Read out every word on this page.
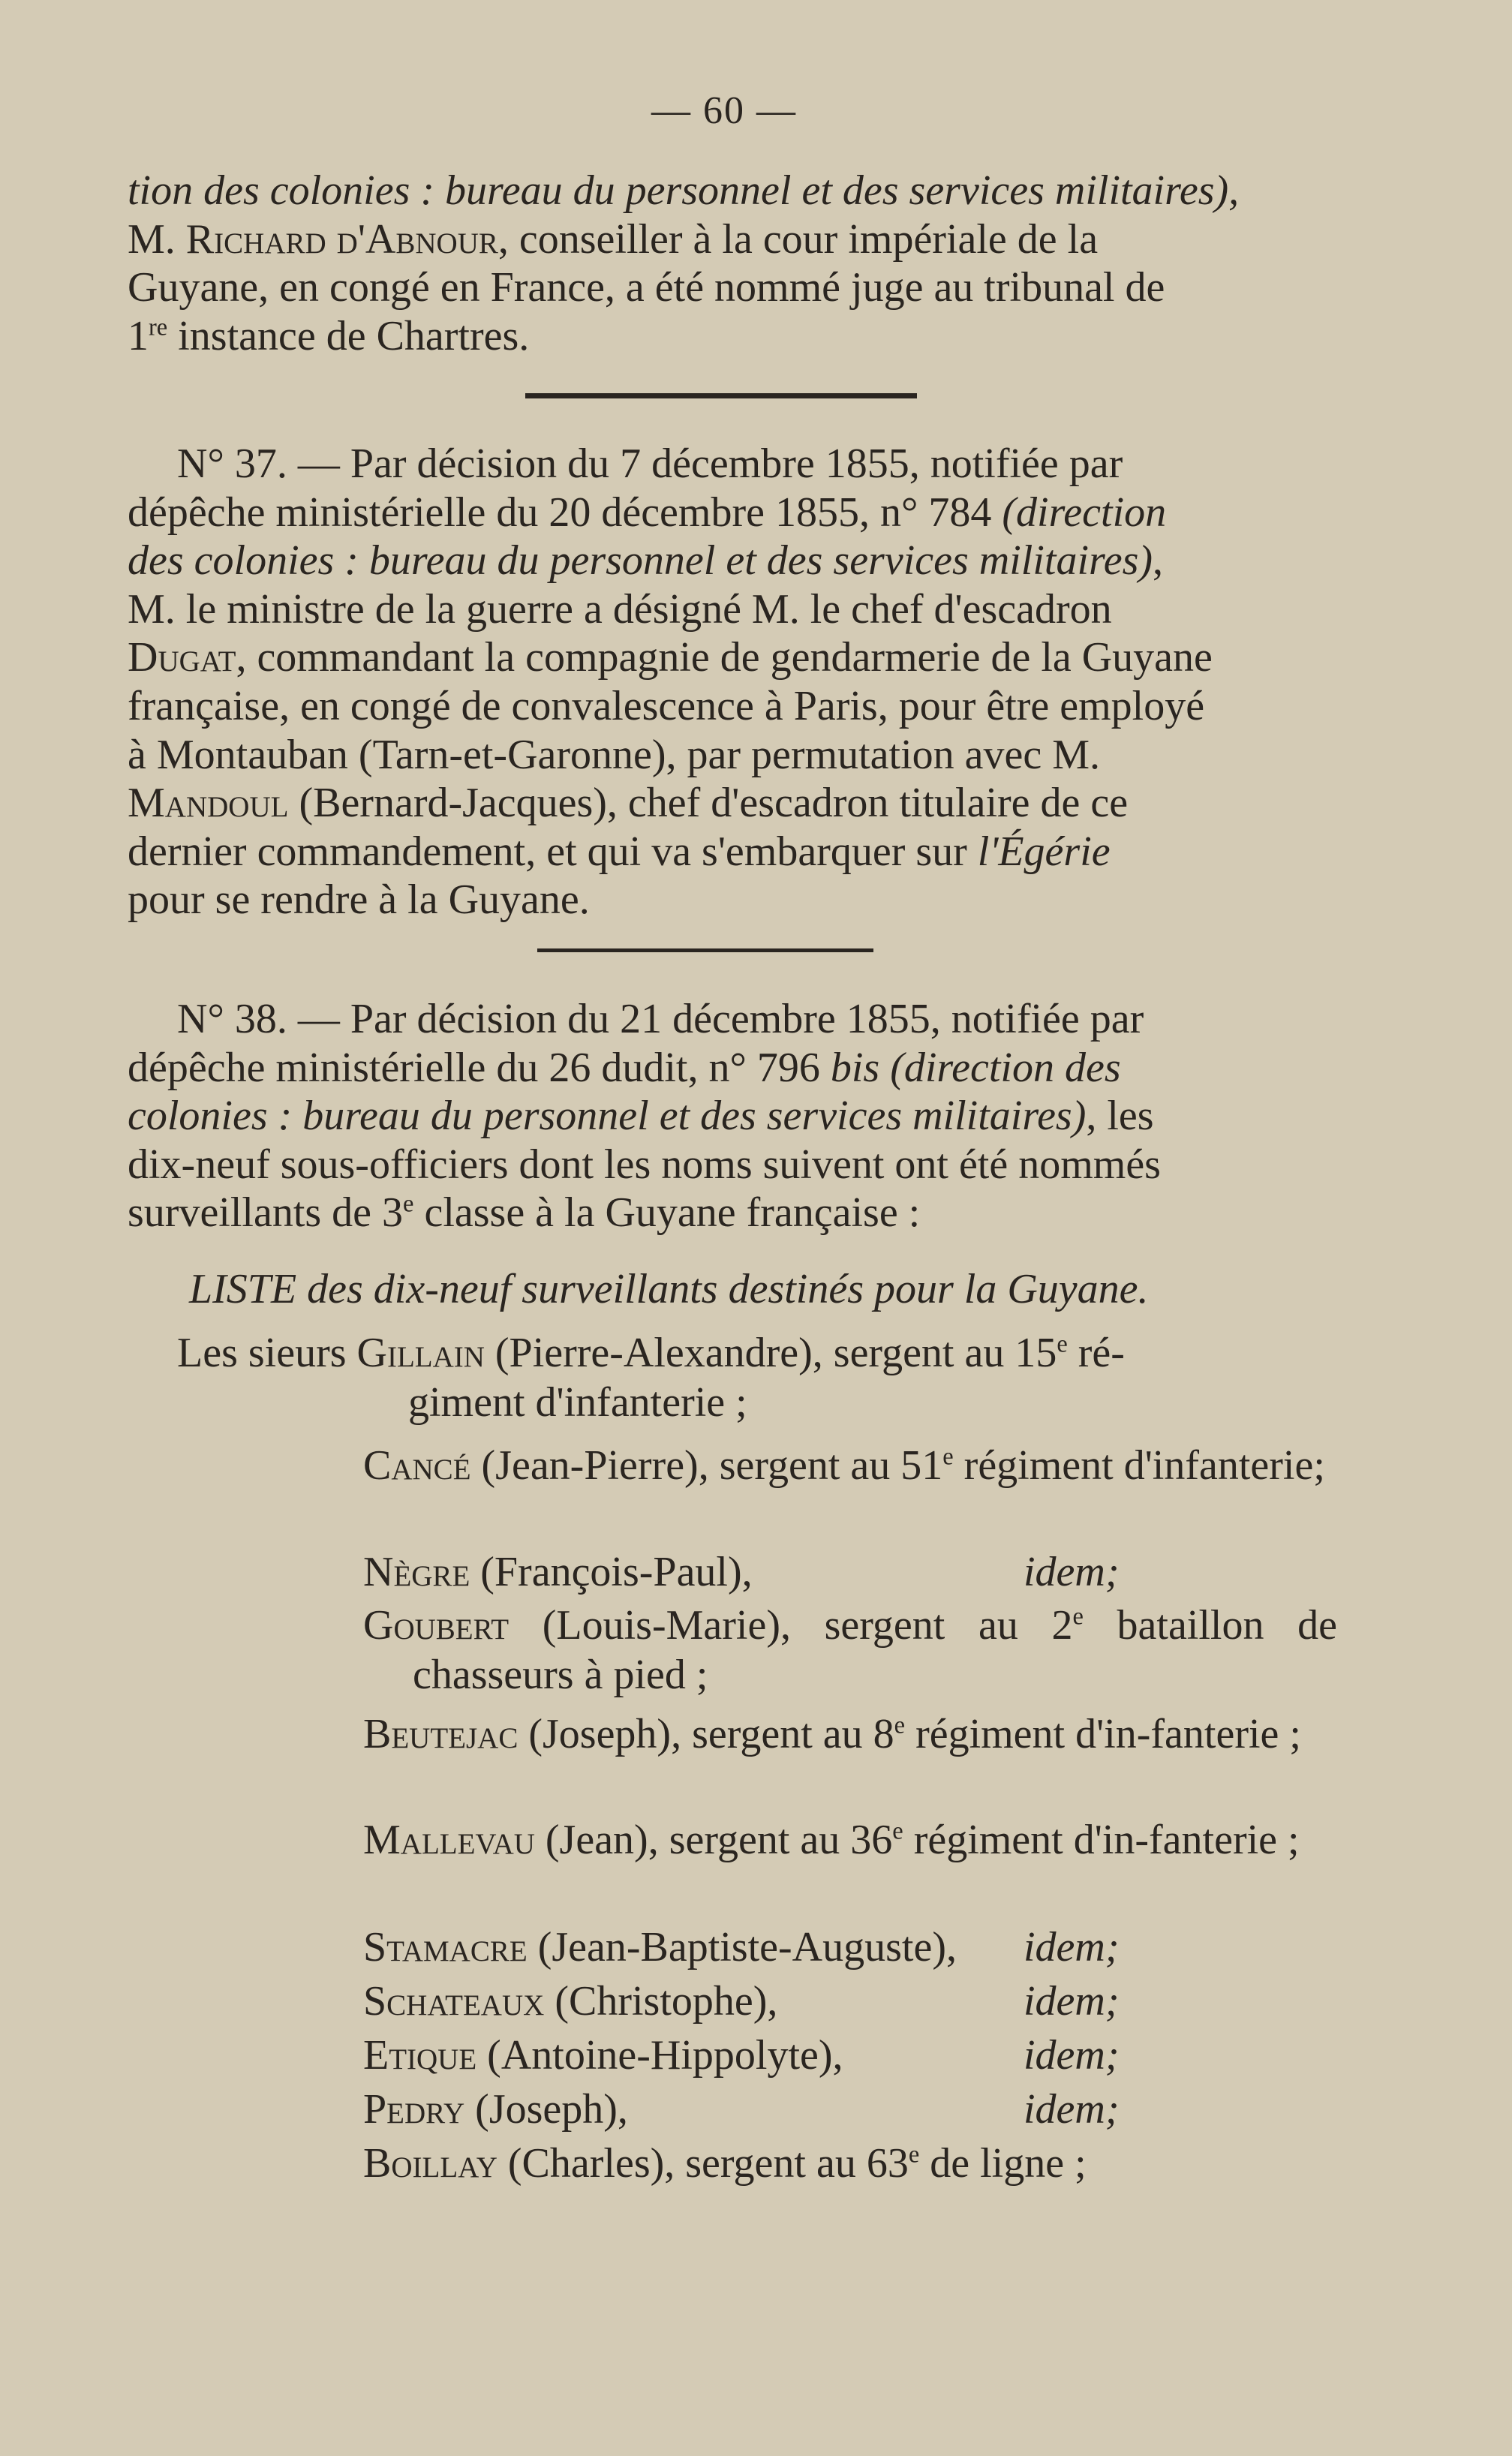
— 60 —

tion des colonies : bureau du personnel et des services militaires),

M. Richard d'Abnour, conseiller à la cour impériale de la

Guyane, en congé en France, a été nommé juge au tribunal de

1re instance de Chartres.

N° 37. — Par décision du 7 décembre 1855, notifiée par

dépêche ministérielle du 20 décembre 1855, n° 784 (direction

des colonies : bureau du personnel et des services militaires),

M. le ministre de la guerre a désigné M. le chef d'escadron

Dugat, commandant la compagnie de gendarmerie de la Guyane

française, en congé de convalescence à Paris, pour être employé

à Montauban (Tarn-et-Garonne), par permutation avec M.

Mandoul (Bernard-Jacques), chef d'escadron titulaire de ce

dernier commandement, et qui va s'embarquer sur l'Égérie

pour se rendre à la Guyane.

N° 38. — Par décision du 21 décembre 1855, notifiée par

dépêche ministérielle du 26 dudit, n° 796 bis (direction des

colonies : bureau du personnel et des services militaires), les

dix-neuf sous-officiers dont les noms suivent ont été nommés

surveillants de 3e classe à la Guyane française :

LISTE des dix-neuf surveillants destinés pour la Guyane.
Les sieurs Gillain (Pierre-Alexandre), sergent au 15e ré-
giment d'infanterie ;
Cancé (Jean-Pierre), sergent au 51e régiment d'infanterie;
Nègre (François-Paul),	idem;
Goubert (Louis-Marie), sergent au 2e bataillon de chasseurs à pied ;
Beutejac (Joseph), sergent au 8e régiment d'in-fanterie ;
Mallevau (Jean), sergent au 36e régiment d'in-fanterie ;
Stamacre (Jean-Baptiste-Auguste), idem;
Schateaux (Christophe),	idem;
Etique (Antoine-Hippolyte),	idem;
Pedry (Joseph),	idem;
Boillay (Charles), sergent au 63e de ligne ;
